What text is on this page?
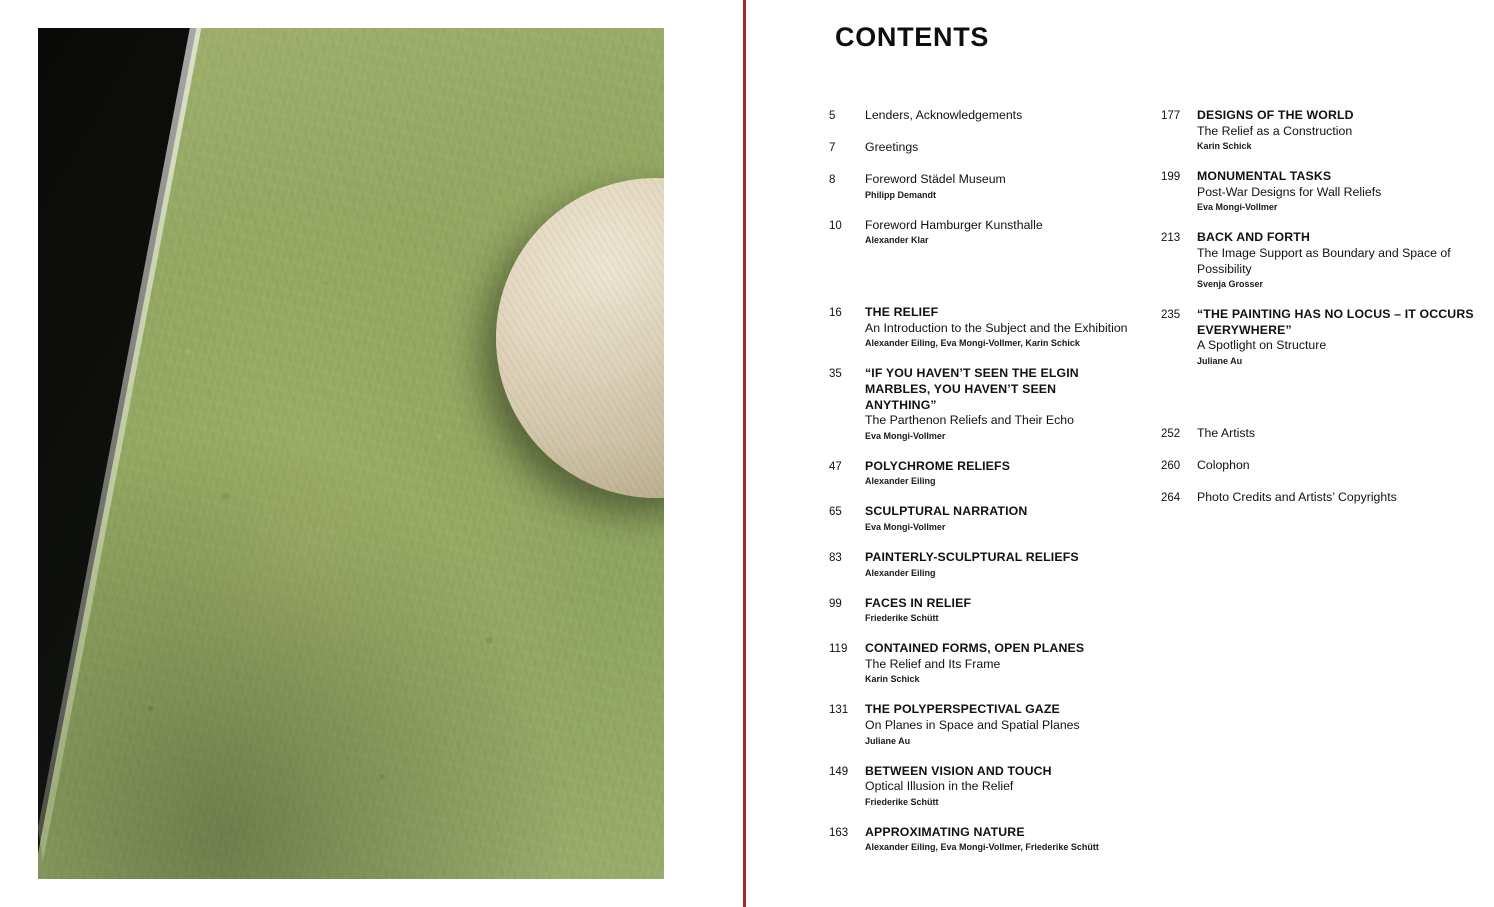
CONTENTS
5	Lenders, Acknowledgements
7	Greetings
8	Foreword Städel Museum
Philipp Demandt
10	Foreword Hamburger Kunsthalle
Alexander Klar
16	THE RELIEF
An Introduction to the Subject and the Exhibition
Alexander Eiling, Eva Mongi-Vollmer, Karin Schick
35	“IF YOU HAVEN’T SEEN THE ELGIN MARBLES, YOU HAVEN’T SEEN ANYTHING”
The Parthenon Reliefs and Their Echo
Eva Mongi-Vollmer
47	POLYCHROME RELIEFS
Alexander Eiling
65	SCULPTURAL NARRATION
Eva Mongi-Vollmer
83	PAINTERLY-SCULPTURAL RELIEFS
Alexander Eiling
99	FACES IN RELIEF
Friederike Schütt
119	CONTAINED FORMS, OPEN PLANES
The Relief and Its Frame
Karin Schick
131	THE POLYPERSPECTIVAL GAZE
On Planes in Space and Spatial Planes
Juliane Au
149	BETWEEN VISION AND TOUCH
Optical Illusion in the Relief
Friederike Schütt
163	APPROXIMATING NATURE
Alexander Eiling, Eva Mongi-Vollmer, Friederike Schütt
177	DESIGNS OF THE WORLD
The Relief as a Construction
Karin Schick
199	MONUMENTAL TASKS
Post-War Designs for Wall Reliefs
Eva Mongi-Vollmer
213	BACK AND FORTH
The Image Support as Boundary and Space of Possibility
Svenja Grosser
235	“THE PAINTING HAS NO LOCUS – IT OCCURS EVERYWHERE”
A Spotlight on Structure
Juliane Au
252	The Artists
260	Colophon
264	Photo Credits and Artists’ Copyrights
